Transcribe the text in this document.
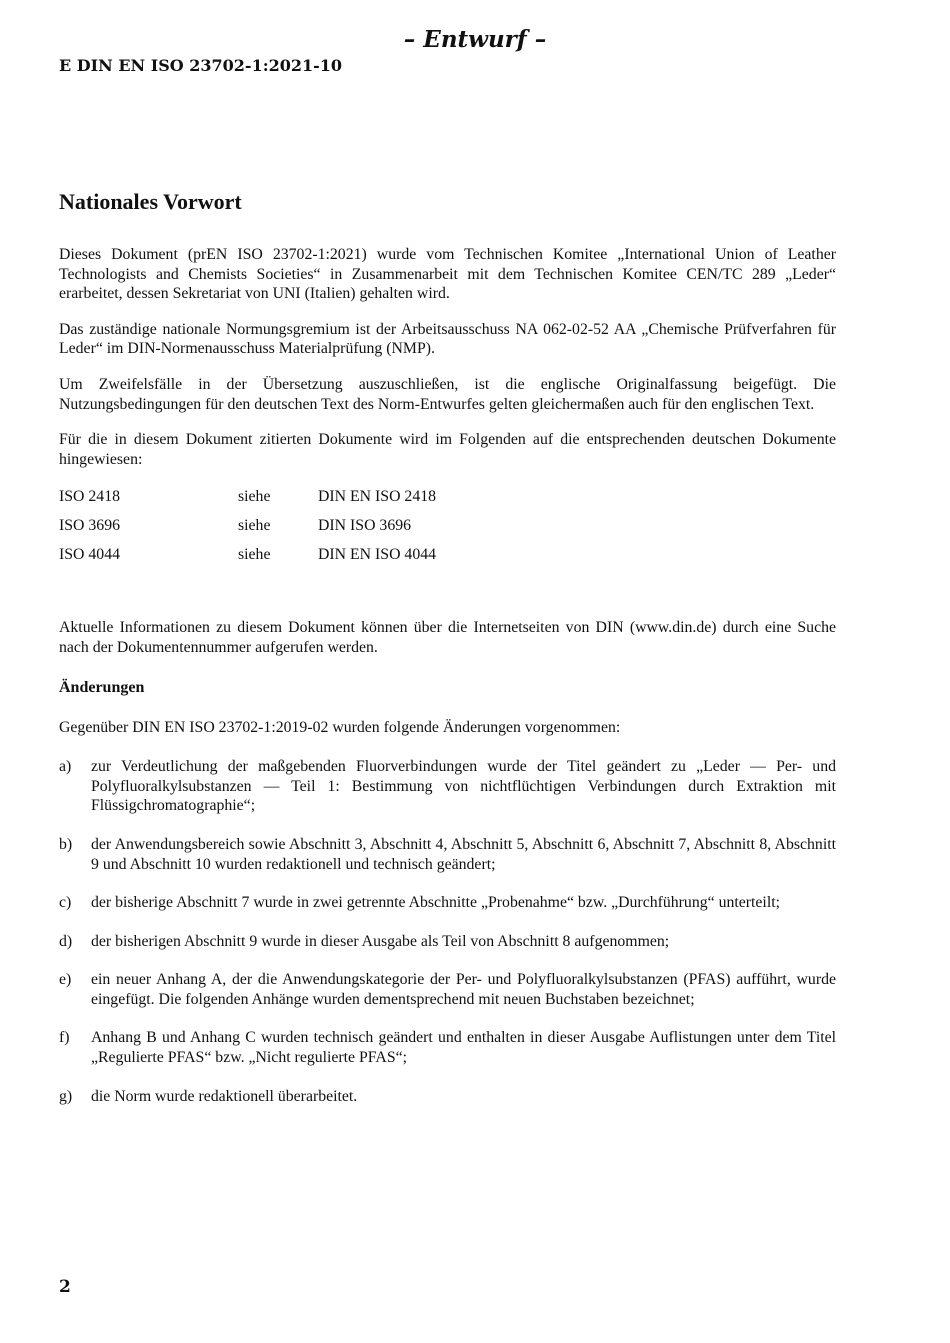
– Entwurf –
E DIN EN ISO 23702-1:2021-10
Nationales Vorwort

Dieses Dokument (prEN ISO 23702-1:2021) wurde vom Technischen Komitee „International Union of Leather Technologists and Chemists Societies“ in Zusammenarbeit mit dem Technischen Komitee CEN/TC 289 „Leder“ erarbeitet, dessen Sekretariat von UNI (Italien) gehalten wird.

Das zuständige nationale Normungsgremium ist der Arbeitsausschuss NA 062-02-52 AA „Chemische Prüfverfahren für Leder“ im DIN-Normenausschuss Materialprüfung (NMP).

Um Zweifelsfälle in der Übersetzung auszuschließen, ist die englische Originalfassung beigefügt. Die Nutzungsbedingungen für den deutschen Text des Norm-Entwurfes gelten gleichermaßen auch für den englischen Text.

Für die in diesem Dokument zitierten Dokumente wird im Folgenden auf die entsprechenden deutschen Dokumente hingewiesen:

ISO 2418	siehe	DIN EN ISO 2418
ISO 3696	siehe	DIN ISO 3696
ISO 4044	siehe	DIN EN ISO 4044

Aktuelle Informationen zu diesem Dokument können über die Internetseiten von DIN (www.din.de) durch eine Suche nach der Dokumentennummer aufgerufen werden.

Änderungen

Gegenüber DIN EN ISO 23702-1:2019-02 wurden folgende Änderungen vorgenommen:

a)	zur Verdeutlichung der maßgebenden Fluorverbindungen wurde der Titel geändert zu „Leder — Per- und Polyfluoralkylsubstanzen — Teil 1: Bestimmung von nichtflüchtigen Verbindungen durch Extraktion mit Flüssigchromatographie“;
b)	der Anwendungsbereich sowie Abschnitt 3, Abschnitt 4, Abschnitt 5, Abschnitt 6, Abschnitt 7, Abschnitt 8, Abschnitt 9 und Abschnitt 10 wurden redaktionell und technisch geändert;
c)	der bisherige Abschnitt 7 wurde in zwei getrennte Abschnitte „Probenahme“ bzw. „Durchführung“ unterteilt;
d)	der bisherigen Abschnitt 9 wurde in dieser Ausgabe als Teil von Abschnitt 8 aufgenommen;
e)	ein neuer Anhang A, der die Anwendungskategorie der Per- und Polyfluoralkylsubstanzen (PFAS) aufführt, wurde eingefügt. Die folgenden Anhänge wurden dementsprechend mit neuen Buchstaben bezeichnet;
f)	Anhang B und Anhang C wurden technisch geändert und enthalten in dieser Ausgabe Auflistungen unter dem Titel „Regulierte PFAS“ bzw. „Nicht regulierte PFAS“;
g)	die Norm wurde redaktionell überarbeitet.
2
